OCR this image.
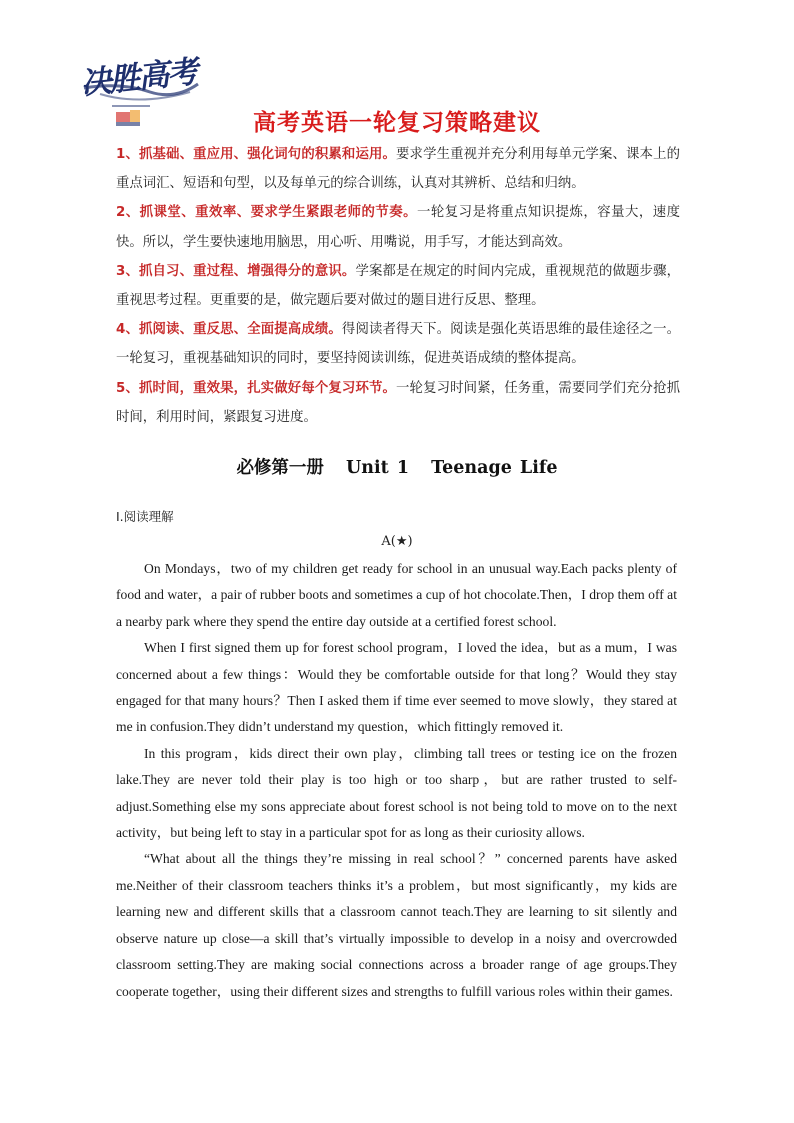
决胜高考
高考英语一轮复习策略建议

1、抓基础、重应用、强化词句的积累和运用。要求学生重视并充分利用每单元学案、课本上的重点词汇、短语和句型，以及每单元的综合训练，认真对其辨析、总结和归纳。

2、抓课堂、重效率、要求学生紧跟老师的节奏。一轮复习是将重点知识提炼，容量大，速度快。所以，学生要快速地用脑思，用心听、用嘴说，用手写，才能达到高效。

3、抓自习、重过程、增强得分的意识。学案都是在规定的时间内完成，重视规范的做题步骤，重视思考过程。更重要的是，做完题后要对做过的题目进行反思、整理。

4、抓阅读、重反思、全面提高成绩。得阅读者得天下。阅读是强化英语思维的最佳途径之一。一轮复习，重视基础知识的同时，要坚持阅读训练，促进英语成绩的整体提高。

5、抓时间，重效果，扎实做好每个复习环节。一轮复习时间紧，任务重，需要同学们充分抢抓时间，利用时间，紧跟复习进度。

必修第一册 Unit 1 Teenage Life
Ⅰ.阅读理解
A(★)

On Mondays，two of my children get ready for school in an unusual way.Each packs plenty of food and water，a pair of rubber boots and sometimes a cup of hot chocolate.Then，I drop them off at a nearby park where they spend the entire day outside at a certified forest school.

When I first signed them up for forest school program，I loved the idea，but as a mum，I was concerned about a few things：Would they be comfortable outside for that long？Would they stay engaged for that many hours？Then I asked them if time ever seemed to move slowly，they stared at me in confusion.They didn’t understand my question，which fittingly removed it.

In this program，kids direct their own play，climbing tall trees or testing ice on the frozen lake.They are never told their play is too high or too sharp，but are rather trusted to self-adjust.Something else my sons appreciate about forest school is not being told to move on to the next activity，but being left to stay in a particular spot for as long as their curiosity allows.

“What about all the things they’re missing in real school？” concerned parents have asked me.Neither of their classroom teachers thinks it’s a problem，but most significantly，my kids are learning new and different skills that a classroom cannot teach.They are learning to sit silently and observe nature up close—a skill that’s virtually impossible to develop in a noisy and overcrowded classroom setting.They are making social connections across a broader range of age groups.They cooperate together，using their different sizes and strengths to fulfill various roles within their games.
